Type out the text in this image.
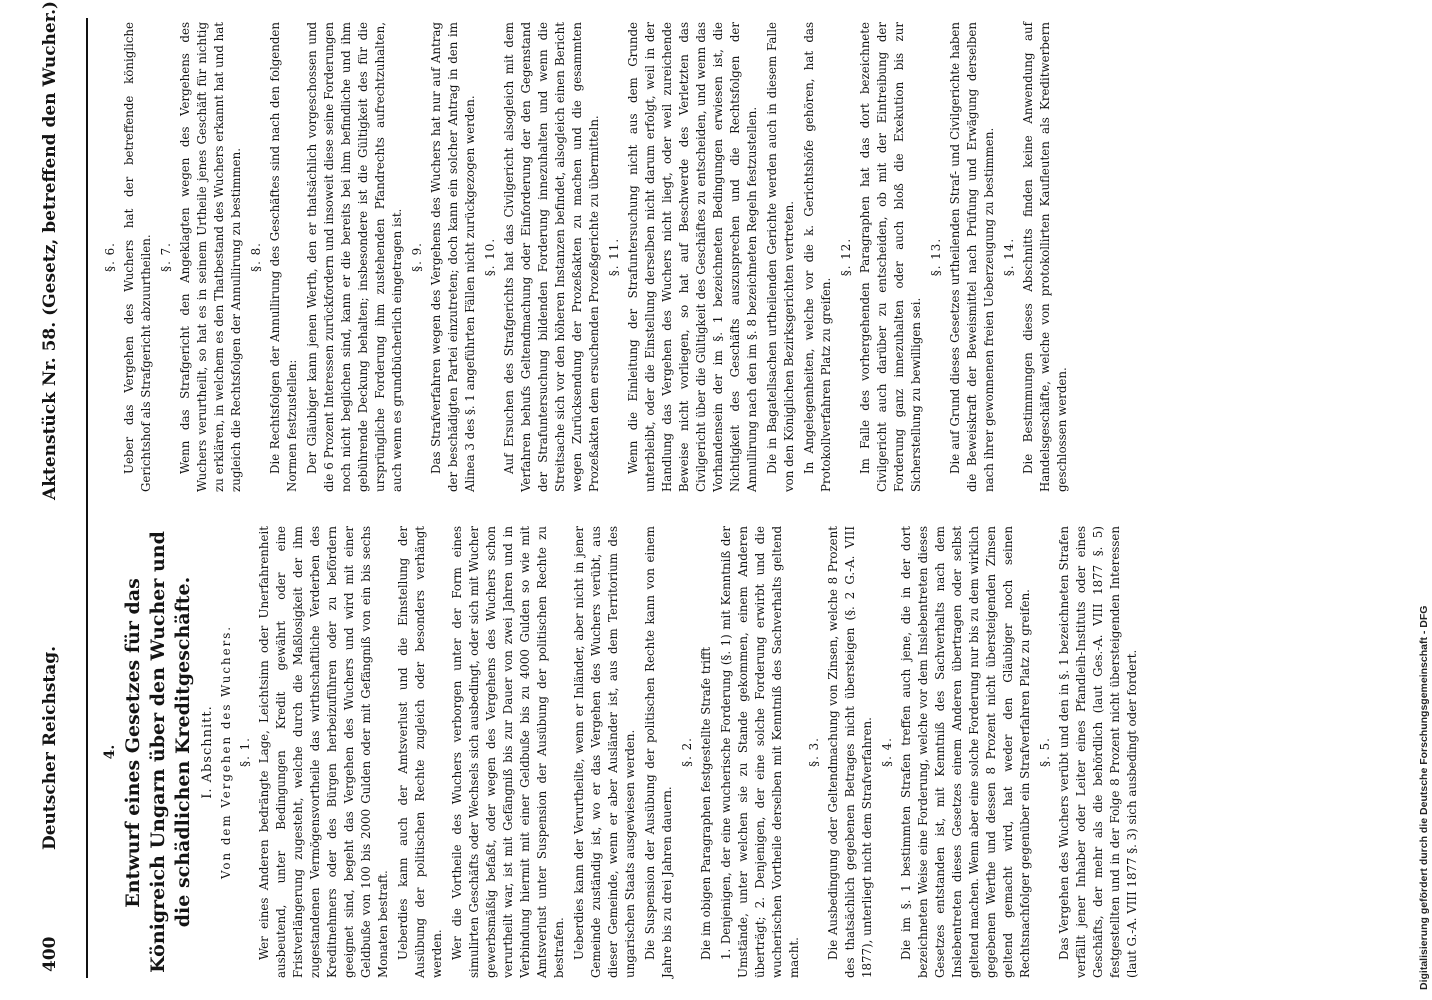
400
Deutscher Reichstag.
Aktenstück Nr. 58. (Gesetz, betreffend den Wucher.)

4. Entwurf eines Gesetzes für das Königreich Ungarn über den Wucher und die schädlichen Kreditgeschäfte. I. Abschnitt. Von dem Vergehen des Wuchers. §. 1. Wer eines Anderen bedrängte Lage, Leichtsinn oder Unerfahrenheit ausbeutend, unter Bedingungen Kredit gewährt oder eine Fristverlängerung zugesteht, welche durch die Maßlosigkeit der ihm zugestandenen Vermögensvortheile das wirthschaftliche Verderben des Kreditnehmers oder des Bürgen herbeizuführen oder zu befördern geeignet sind, begeht das Vergehen des Wuchers und wird mit einer Geldbuße von 100 bis 2000 Gulden oder mit Gefängniß von ein bis sechs Monaten bestraft. Ueberdies kann auch der Amtsverlust und die Einstellung der Ausübung der politischen Rechte zugleich oder besonders verhängt werden. Wer die Vortheile des Wuchers verborgen unter der Form eines simulirten Geschäfts oder Wechsels sich ausbedingt, oder sich mit Wucher gewerbsmäßig befaßt, oder wegen des Vergehens des Wuchers schon verurtheilt war, ist mit Gefängniß bis zur Dauer von zwei Jahren und in Verbindung hiermit mit einer Geldbuße bis zu 4000 Gulden so wie mit Amtsverlust unter Suspension der Ausübung der politischen Rechte zu bestrafen. Ueberdies kann der Verurtheilte, wenn er Inländer, aber nicht in jener Gemeinde zuständig ist, wo er das Vergehen des Wuchers verübt, aus dieser Gemeinde, wenn er aber Ausländer ist, aus dem Territorium des ungarischen Staats ausgewiesen werden. Die Suspension der Ausübung der politischen Rechte kann von einem Jahre bis zu drei Jahren dauern.

§. 2. Die im obigen Paragraphen festgestellte Strafe trifft 1. Denjenigen, der eine wucherische Forderung (§. 1) mit Kenntniß der Umstände, unter welchen sie zu Stande gekommen, einem Anderen überträgt; 2. Denjenigen, der eine solche Forderung erwirbt und die wucherischen Vortheile derselben mit Kenntniß des Sachverhalts geltend macht.

§. 3. Die Ausbedingung oder Geltendmachung von Zinsen, welche 8 Prozent des thatsächlich gegebenen Betrages nicht übersteigen (§. 2 G.-A. VIII 1877), unterliegt nicht dem Strafverfahren. §. 4. Die im §. 1 bestimmten Strafen treffen auch jene, die in der dort bezeichneten Weise eine Forderung, welche vor dem Inslebentreten dieses Gesetzes entstanden ist, mit Kenntniß des Sachverhalts nach dem Inslebentreten dieses Gesetzes einem Anderen übertragen oder selbst geltend machen. Wenn aber eine solche Forderung nur bis zu dem wirklich gegebenen Werthe und dessen 8 Prozent nicht übersteigenden Zinsen geltend gemacht wird, hat weder den Gläubiger noch seinen Rechtsnachfolger gegenüber ein Strafverfahren Platz zu greifen. §. 5. Das Vergehen des Wuchers verübt und den in §. 1 bezeichneten Strafen verfällt jener Inhaber oder Leiter eines Pfandleih-Instituts oder eines Geschäfts, der mehr als die behördlich (laut Ges.-A. VIII 1877 §. 5) festgestellten und in der Folge 8 Prozent nicht übersteigenden Interessen (laut G.-A. VIII 1877 §. 3) sich ausbedingt oder fordert.

§. 6. Ueber das Vergehen des Wuchers hat der betreffende königliche Gerichtshof als Strafgericht abzuurtheilen. §. 7. Wenn das Strafgericht den Angeklagten wegen des Vergehens des Wuchers verurtheilt, so hat es in seinem Urtheile jenes Geschäft für nichtig zu erklären, in welchem es den Thatbestand des Wuchers erkannt hat und hat zugleich die Rechtsfolgen der Annullirung zu bestimmen. §. 8. Die Rechtsfolgen der Annullirung des Geschäftes sind nach den folgenden Normen festzustellen: Der Gläubiger kann jenen Werth, den er thatsächlich vorgeschossen und die 6 Prozent Interessen zurückfordern und insoweit diese seine Forderungen noch nicht beglichen sind, kann er die bereits bei ihm befindliche und ihm gebührende Deckung behalten; insbesondere ist die Gültigkeit des für die ursprüngliche Forderung ihm zustehenden Pfandrechts aufrechtzuhalten, auch wenn es grundbücherlich eingetragen ist. §. 9. Das Strafverfahren wegen des Vergehens des Wuchers hat nur auf Antrag der beschädigten Partei einzutreten; doch kann ein solcher Antrag in den im Alinea 3 des §. 1 angeführten Fällen nicht zurückgezogen werden. §. 10. Auf Ersuchen des Strafgerichts hat das Civilgericht alsogleich mit dem Verfahren behufs Geltendmachung oder Einforderung der den Gegenstand der Strafuntersuchung bildenden Forderung innezuhalten und wenn die Streitsache sich vor den höheren Instanzen befindet, alsogleich einen Bericht wegen Zurücksendung der Prozeßakten zu machen und die gesammten Prozeßakten dem ersuchenden Prozeßgerichte zu übermitteln. §. 11. Wenn die Einleitung der Strafuntersuchung nicht aus dem Grunde unterbleibt, oder die Einstellung derselben nicht darum erfolgt, weil in der Handlung das Vergehen des Wuchers nicht liegt, oder weil zureichende Beweise nicht vorliegen, so hat auf Beschwerde des Verletzten das Civilgericht über die Gültigkeit des Geschäftes zu entscheiden, und wenn das Vorhandensein der im §. 1 bezeichneten Bedingungen erwiesen ist, die Nichtigkeit des Geschäfts auszusprechen und die Rechtsfolgen der Annullirung nach den im §. 8 bezeichneten Regeln festzustellen. Die in Bagatellsachen urtheilenden Gerichte werden auch in diesem Falle von den Königlichen Bezirksgerichten vertreten. In Angelegenheiten, welche vor die k. Gerichtshöfe gehören, hat das Protokollverfahren Platz zu greifen.

§. 12. Im Falle des vorhergehenden Paragraphen hat das dort bezeichnete Civilgericht auch darüber zu entscheiden, ob mit der Eintreibung der Forderung ganz innezuhalten oder auch bloß die Exekution bis zur Sicherstellung zu bewilligen sei.

§. 13. Die auf Grund dieses Gesetzes urtheilenden Straf- und Civilgerichte haben die Beweiskraft der Beweismittel nach Prüfung und Erwägung derselben nach ihrer gewonnenen freien Ueberzeugung zu bestimmen. §. 14. Die Bestimmungen dieses Abschnitts finden keine Anwendung auf Handelsgeschäfte, welche von protokollirten Kaufleuten als Kreditwerbern geschlossen werden.

Digitalisierung gefördert durch die Deutsche Forschungsgemeinschaft - DFG
